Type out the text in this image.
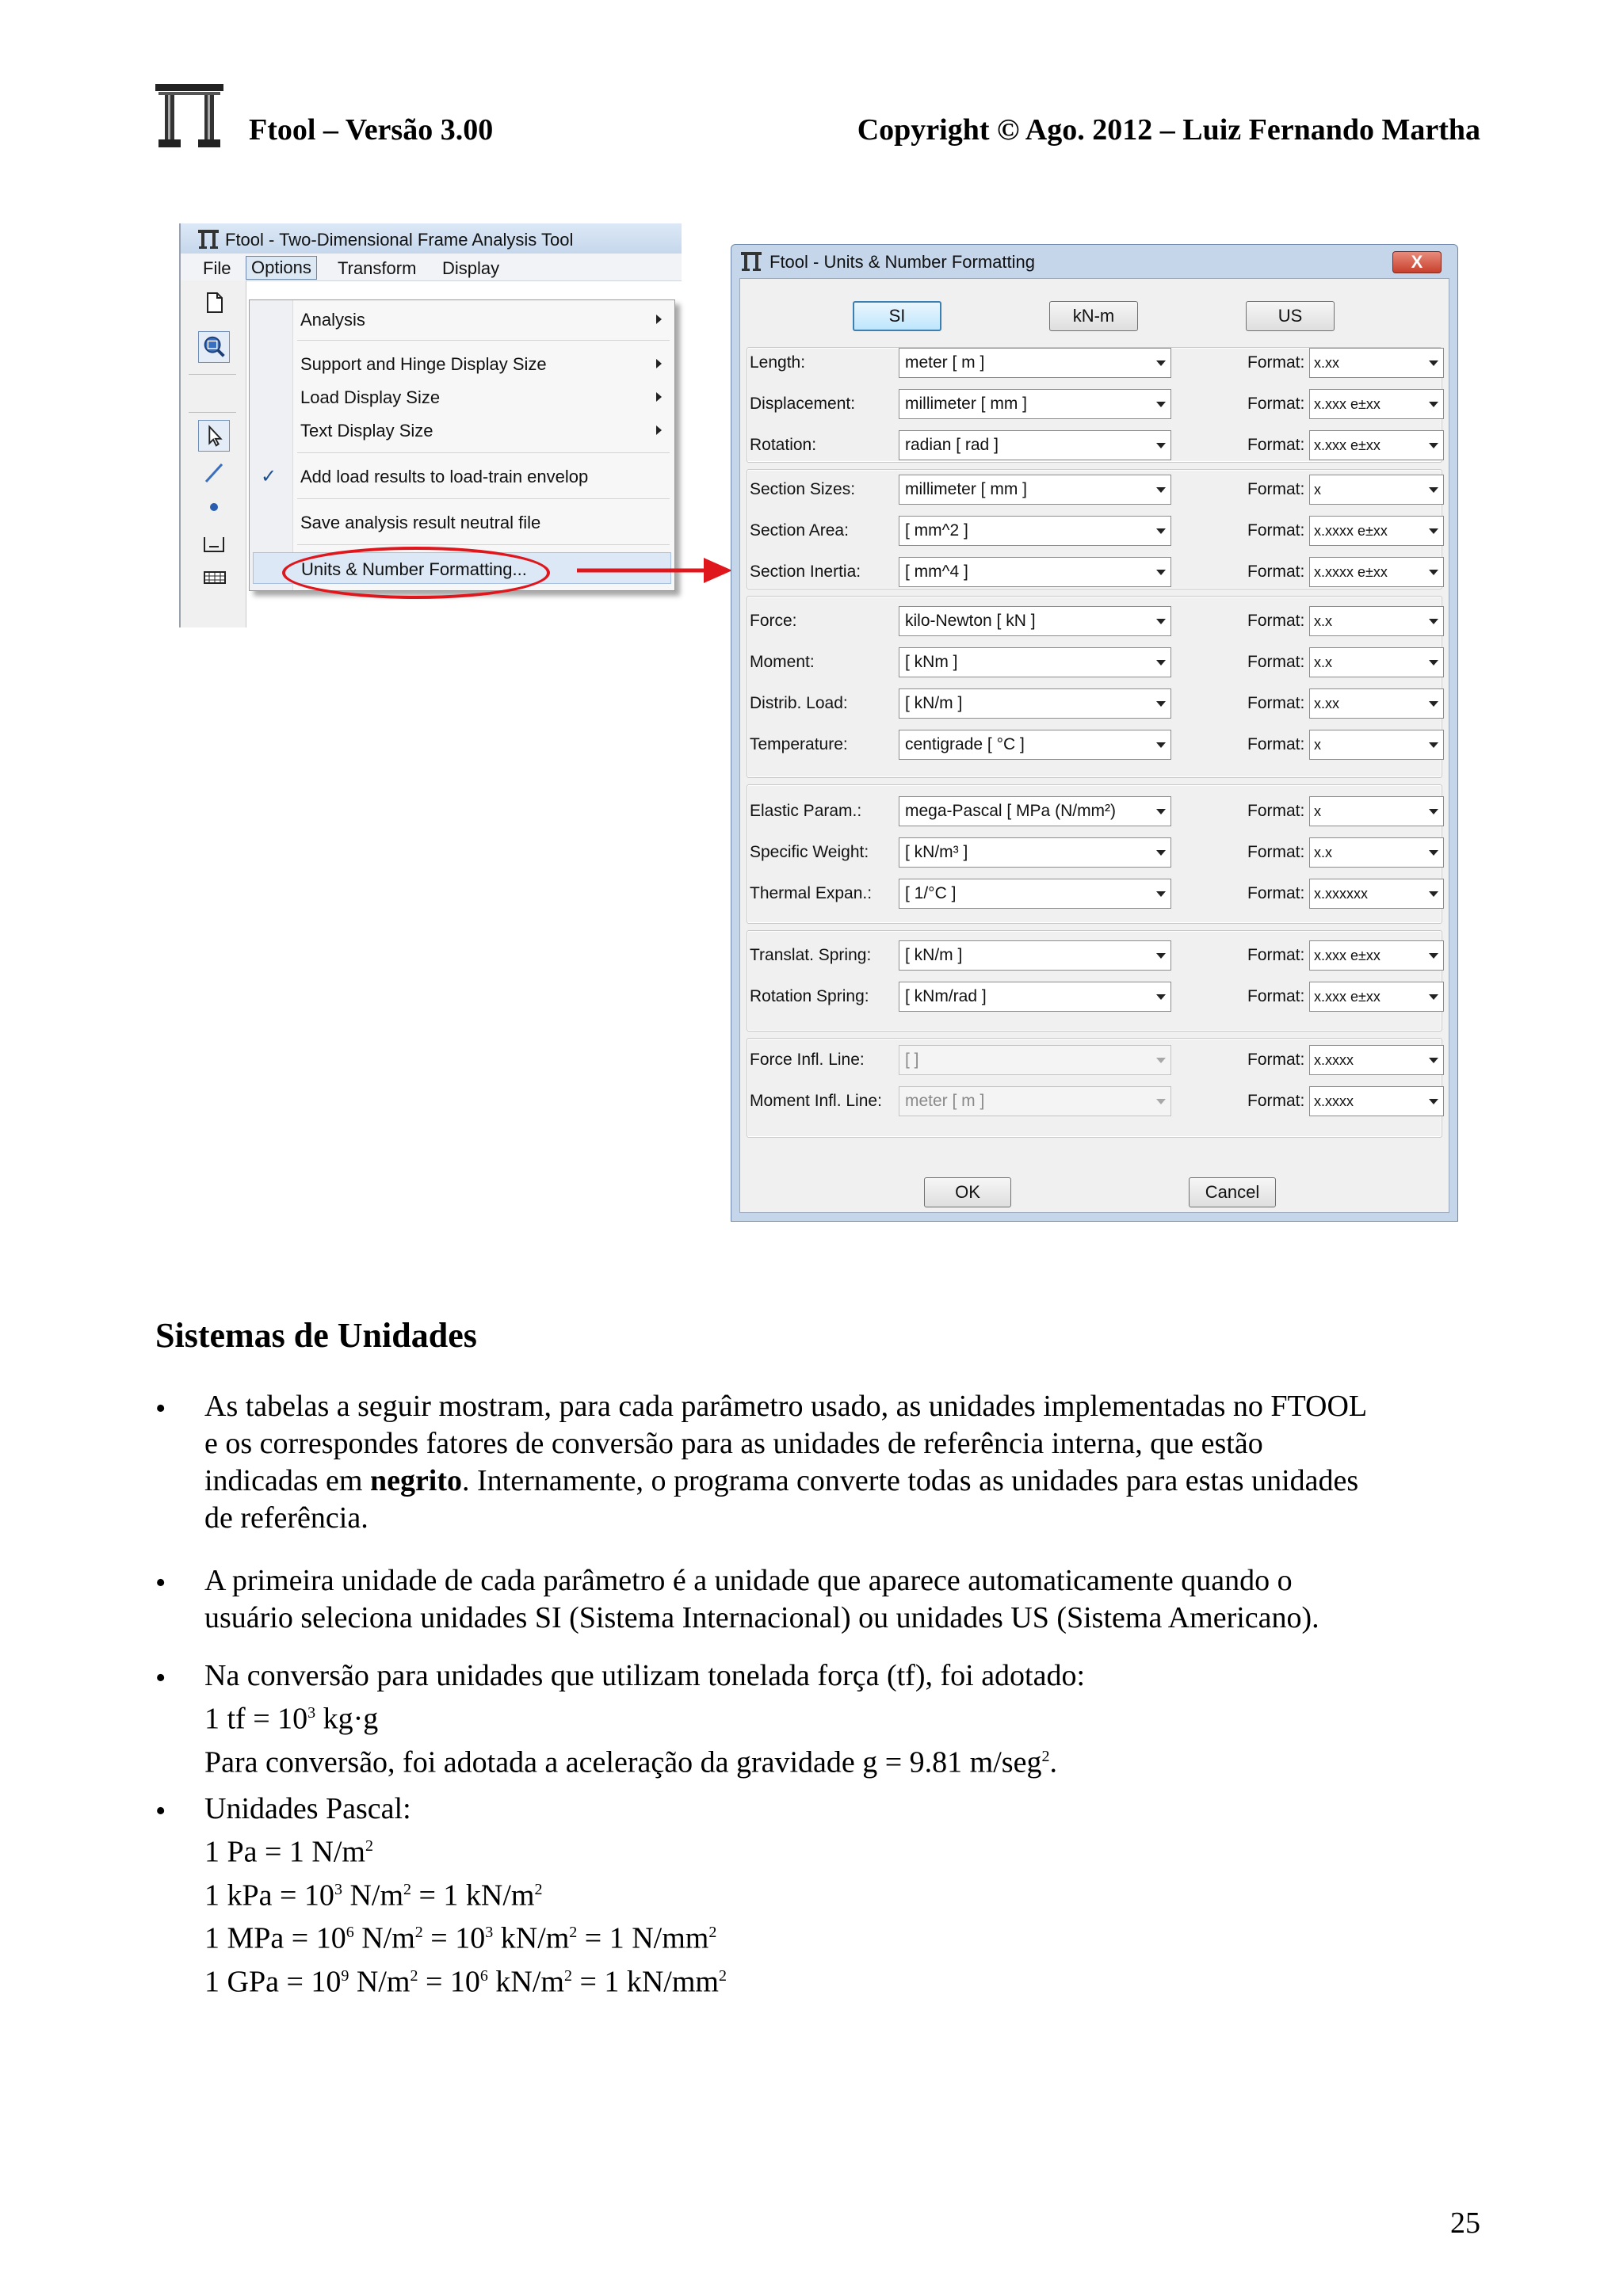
Ftool – Versão 3.00	Copyright © Ago. 2012 – Luiz Fernando Martha
Ftool - Two-Dimensional Frame Analysis Tool
File	Options	Transform Display
Analysis
Support and Hinge Display Size
Load Display Size
Text Display Size
✓ Add load results to load-train envelop
Save analysis result neutral file
Units & Number Formatting...
Ftool - Units & Number Formatting	X
SI	kN-m	US
Length:	meter [ m ]	Format: x.xx
Displacement:	millimeter [ mm ]	Format: x.xxx e±xx
Rotation:	radian [ rad ]	Format: x.xxx e±xx
Section Sizes:	millimeter [ mm ]	Format: x
Section Area:	[ mm^2 ]	Format: x.xxxx e±xx
Section Inertia:	[ mm^4 ]	Format: x.xxxx e±xx
Force:	kilo-Newton [ kN ]	Format: x.x
Moment:	[ kNm ]	Format: x.x
Distrib. Load:	[ kN/m ]	Format: x.xx
Temperature:	centigrade [ °C ]	Format: x
Elastic Param.:	mega-Pascal [ MPa (N/mm²)	Format: x
Specific Weight: [ kN/m³ ]	Format: x.x
Thermal Expan.: [ 1/°C ]	Format: x.xxxxxx
Translat. Spring: [ kN/m ]	Format: x.xxx e±xx
Rotation Spring: [ kNm/rad ]	Format: x.xxx e±xx
Force Infl. Line: [ ]	Format: x.xxxx
Moment Infl. Line: meter [ m ]	Format: x.xxxx
OK	Cancel
Sistemas de Unidades
• As tabelas a seguir mostram, para cada parâmetro usado, as unidades implementadas no FTOOL
e os correspondes fatores de conversão para as unidades de referência interna, que estão
indicadas em negrito. Internamente, o programa converte todas as unidades para estas unidades
de referência.
• A primeira unidade de cada parâmetro é a unidade que aparece automaticamente quando o
usuário seleciona unidades SI (Sistema Internacional) ou unidades US (Sistema Americano).
• Na conversão para unidades que utilizam tonelada força (tf), foi adotado:
1 tf = $10^3$ kg·g
Para conversão, foi adotada a aceleração da gravidade g = 9.81 m/seg$^2$.
• Unidades Pascal:
1 Pa = 1 $N/m^2$
1 kPa = $10^3$ $N/m^2 = 1$ $kN/m^2$
1 MPa = $10^6$ $N/m^2 = 10^3$ $kN/m^2 = 1$ $N/mm^2$
1 GPa = $10^9$ $N/m^2 = 10^6$ $kN/m^2 = 1$ $kN/mm^2$
25
